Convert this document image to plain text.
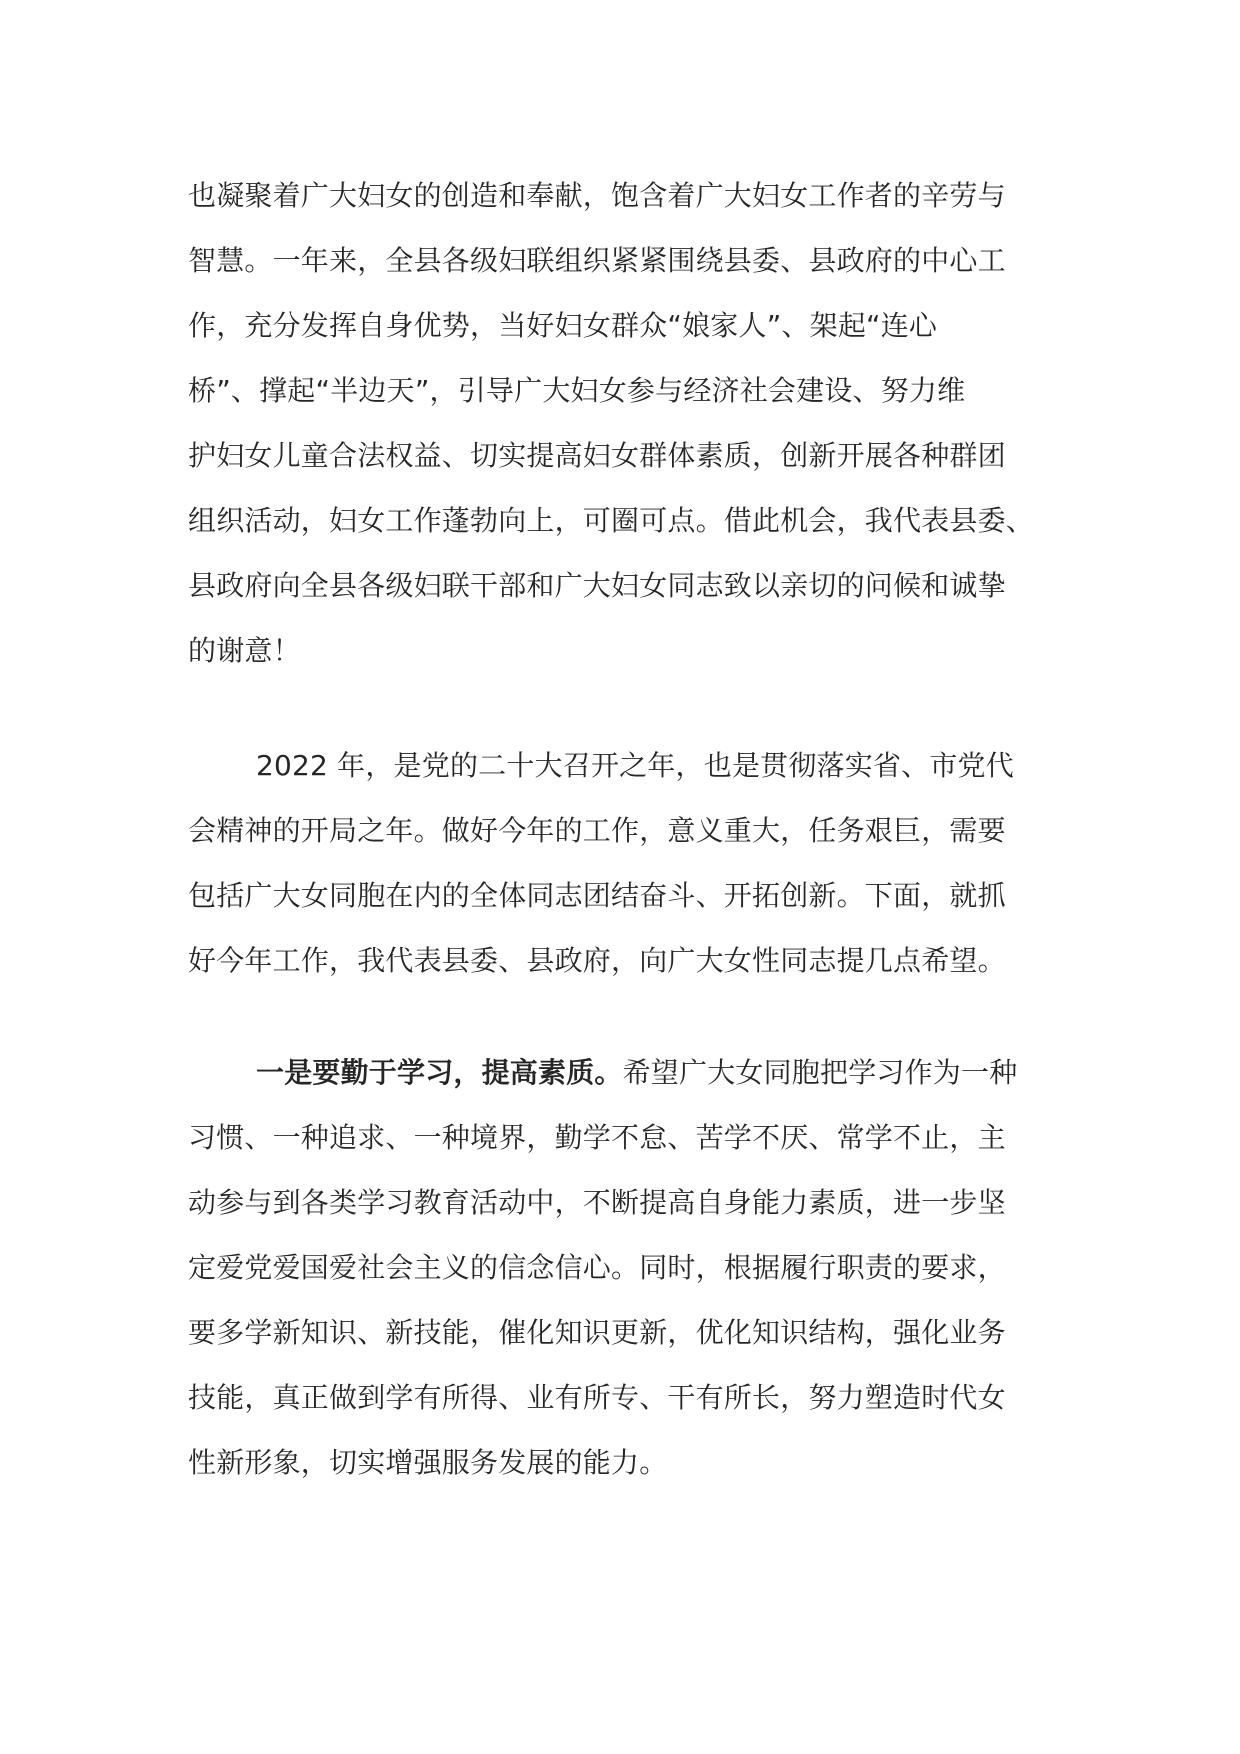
也凝聚着广大妇女的创造和奉献，饱含着广大妇女工作者的辛劳与
智慧。一年来，全县各级妇联组织紧紧围绕县委、县政府的中心工
作，充分发挥自身优势，当好妇女群众“娘家人”、架起“连心
桥”、撑起“半边天”，引导广大妇女参与经济社会建设、努力维
护妇女儿童合法权益、切实提高妇女群体素质，创新开展各种群团
组织活动，妇女工作蓬勃向上，可圈可点。借此机会，我代表县委、
县政府向全县各级妇联干部和广大妇女同志致以亲切的问候和诚挚
的谢意！
2022 年，是党的二十大召开之年，也是贯彻落实省、市党代
会精神的开局之年。做好今年的工作，意义重大，任务艰巨，需要
包括广大女同胞在内的全体同志团结奋斗、开拓创新。下面，就抓
好今年工作，我代表县委、县政府，向广大女性同志提几点希望。
一是要勤于学习，提高素质。希望广大女同胞把学习作为一种
习惯、一种追求、一种境界，勤学不怠、苦学不厌、常学不止，主
动参与到各类学习教育活动中，不断提高自身能力素质，进一步坚
定爱党爱国爱社会主义的信念信心。同时，根据履行职责的要求，
要多学新知识、新技能，催化知识更新，优化知识结构，强化业务
技能，真正做到学有所得、业有所专、干有所长，努力塑造时代女
性新形象，切实增强服务发展的能力。
